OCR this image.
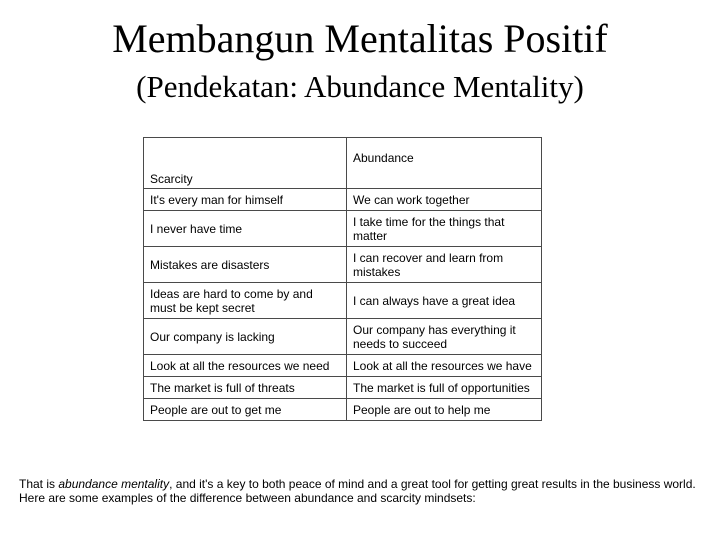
Membangun Mentalitas Positif
(Pendekatan: Abundance Mentality)
Scarcity	Abundance
It's every man for himself	We can work together
I never have time	I take time for the things that matter
Mistakes are disasters	I can recover and learn from mistakes
Ideas are hard to come by and must be kept secret	I can always have a great idea
Our company is lacking	Our company has everything it needs to succeed
Look at all the resources we need	Look at all the resources we have
The market is full of threats	The market is full of opportunities
People are out to get me	People are out to help me
That is abundance mentality, and it's a key to both peace of mind and a great tool for getting great results in the business world.
Here are some examples of the difference between abundance and scarcity mindsets:
